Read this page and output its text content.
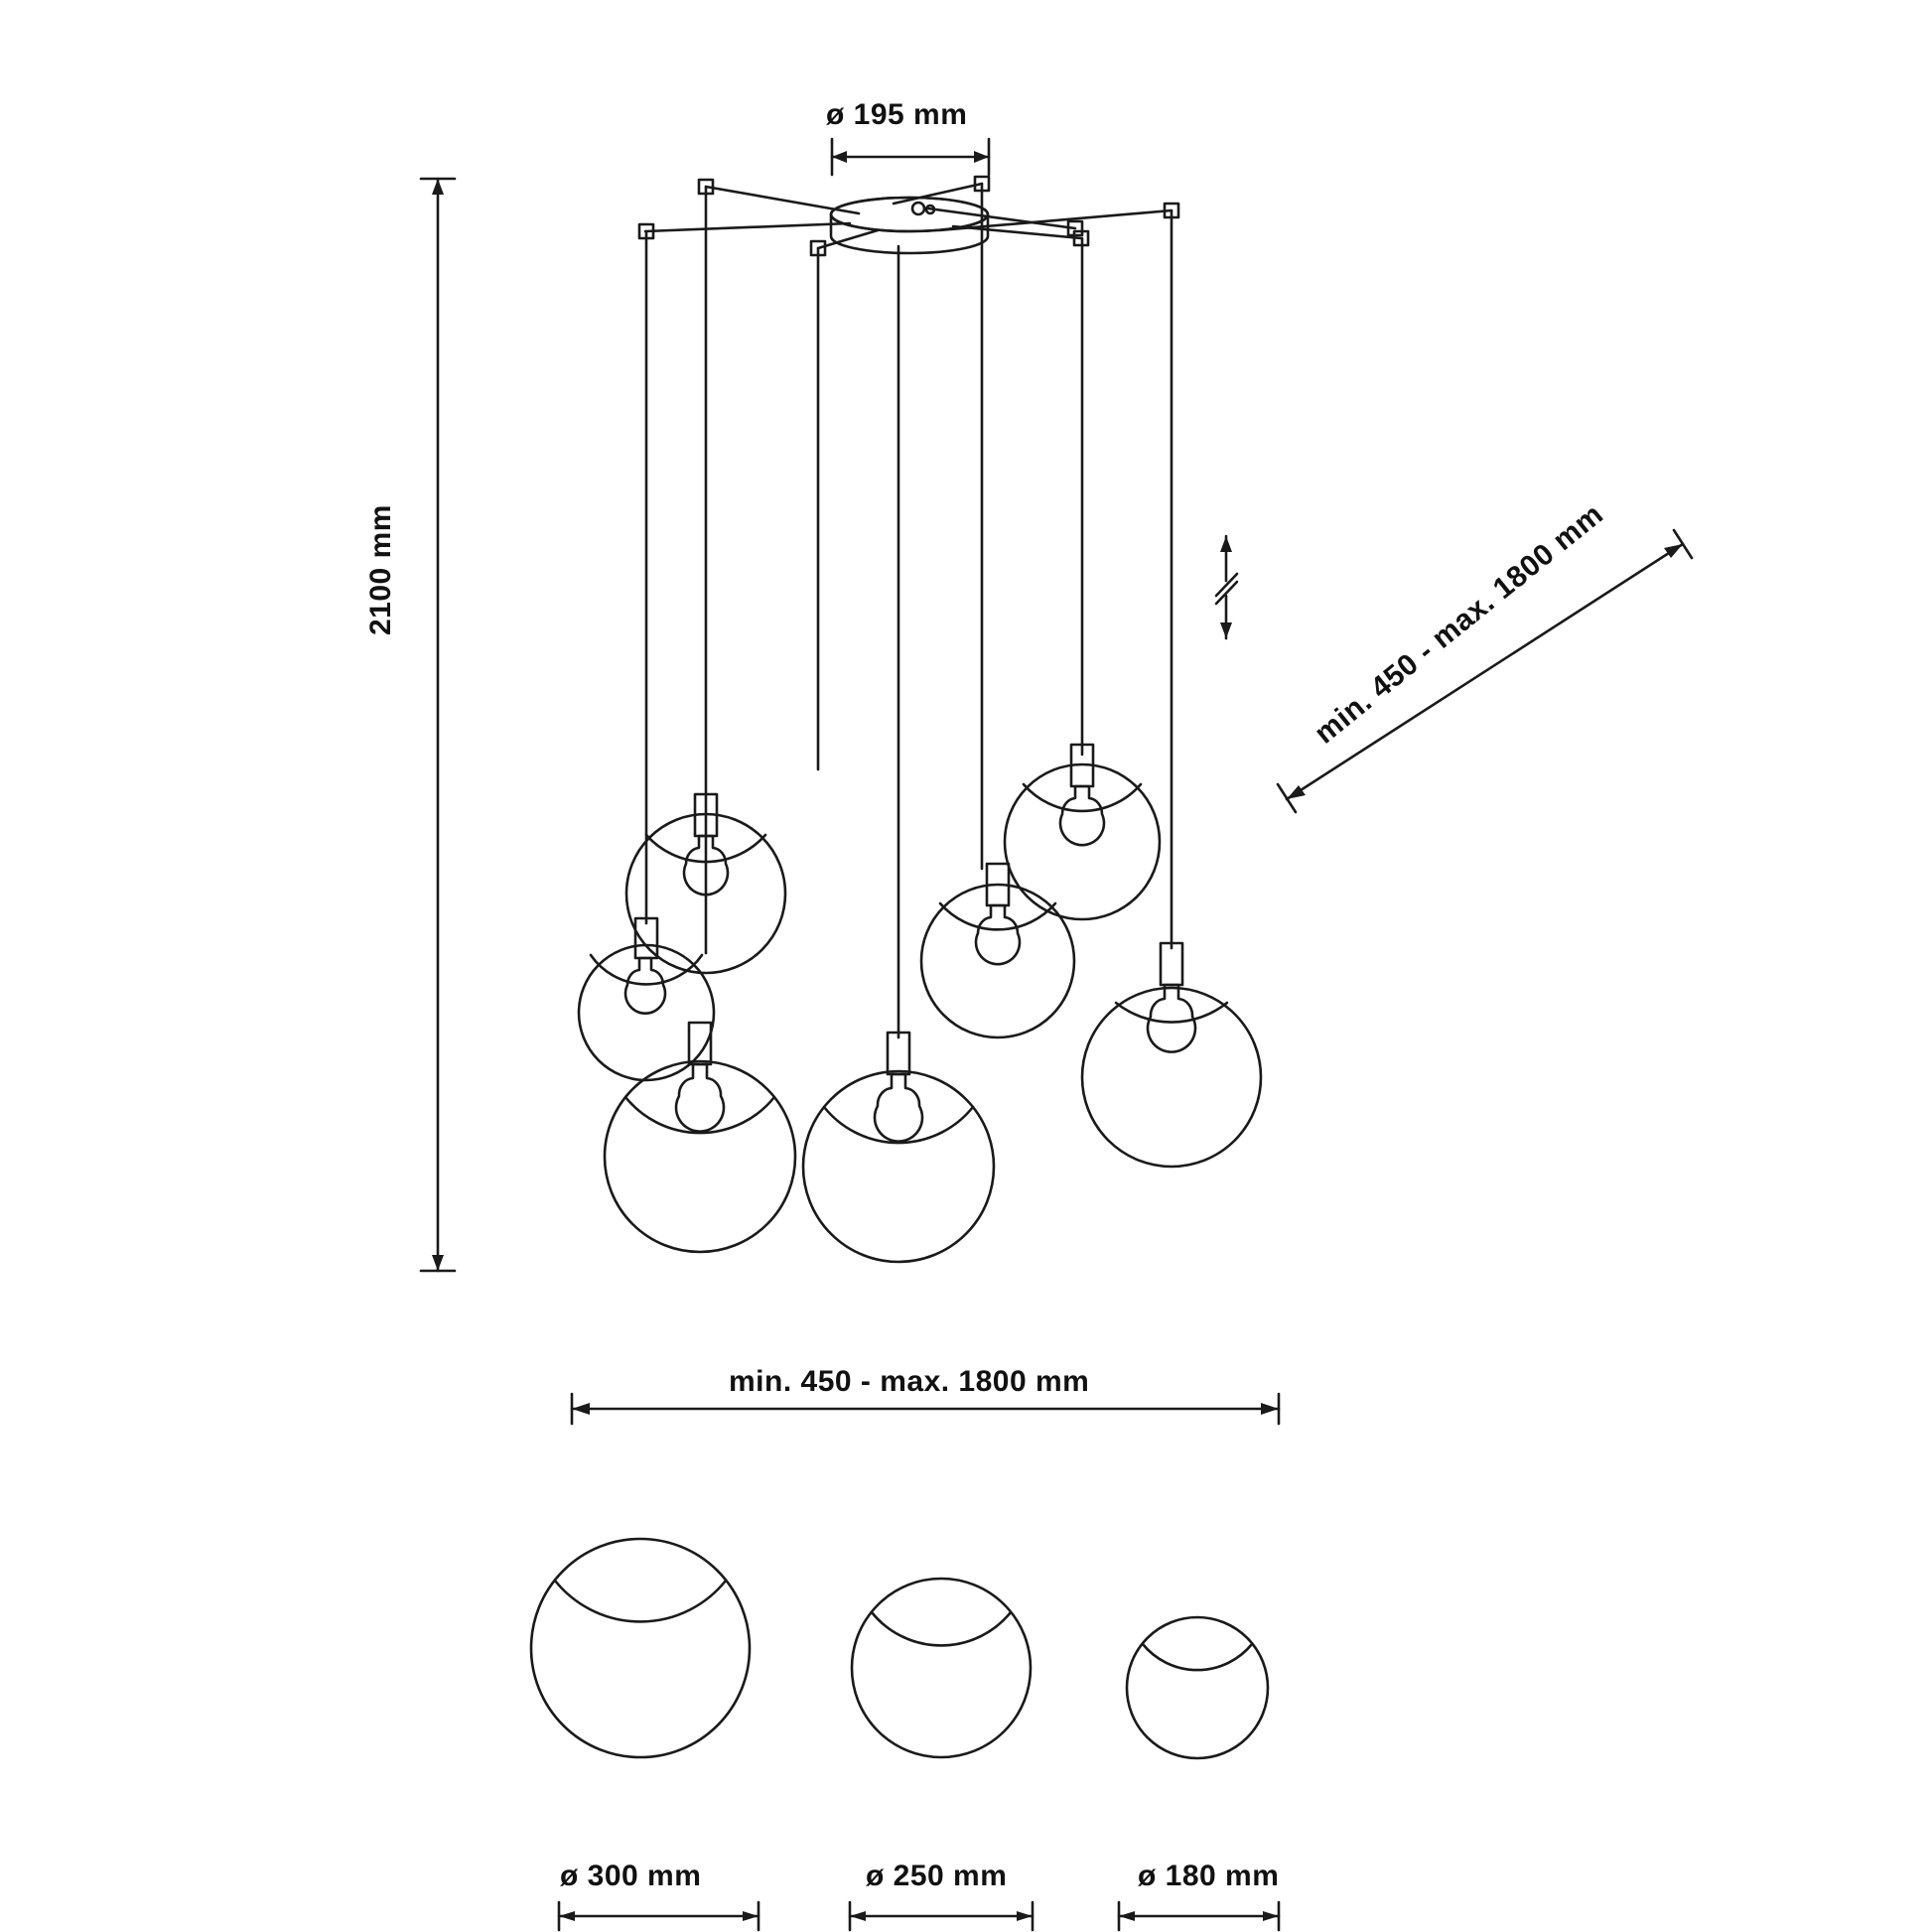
ø 195 mm
2100 mm	min. 450 - max. 1800 mm
min. 450 - max. 1800 mm
ø 300 mm	ø 250 mm	ø 180 mm
